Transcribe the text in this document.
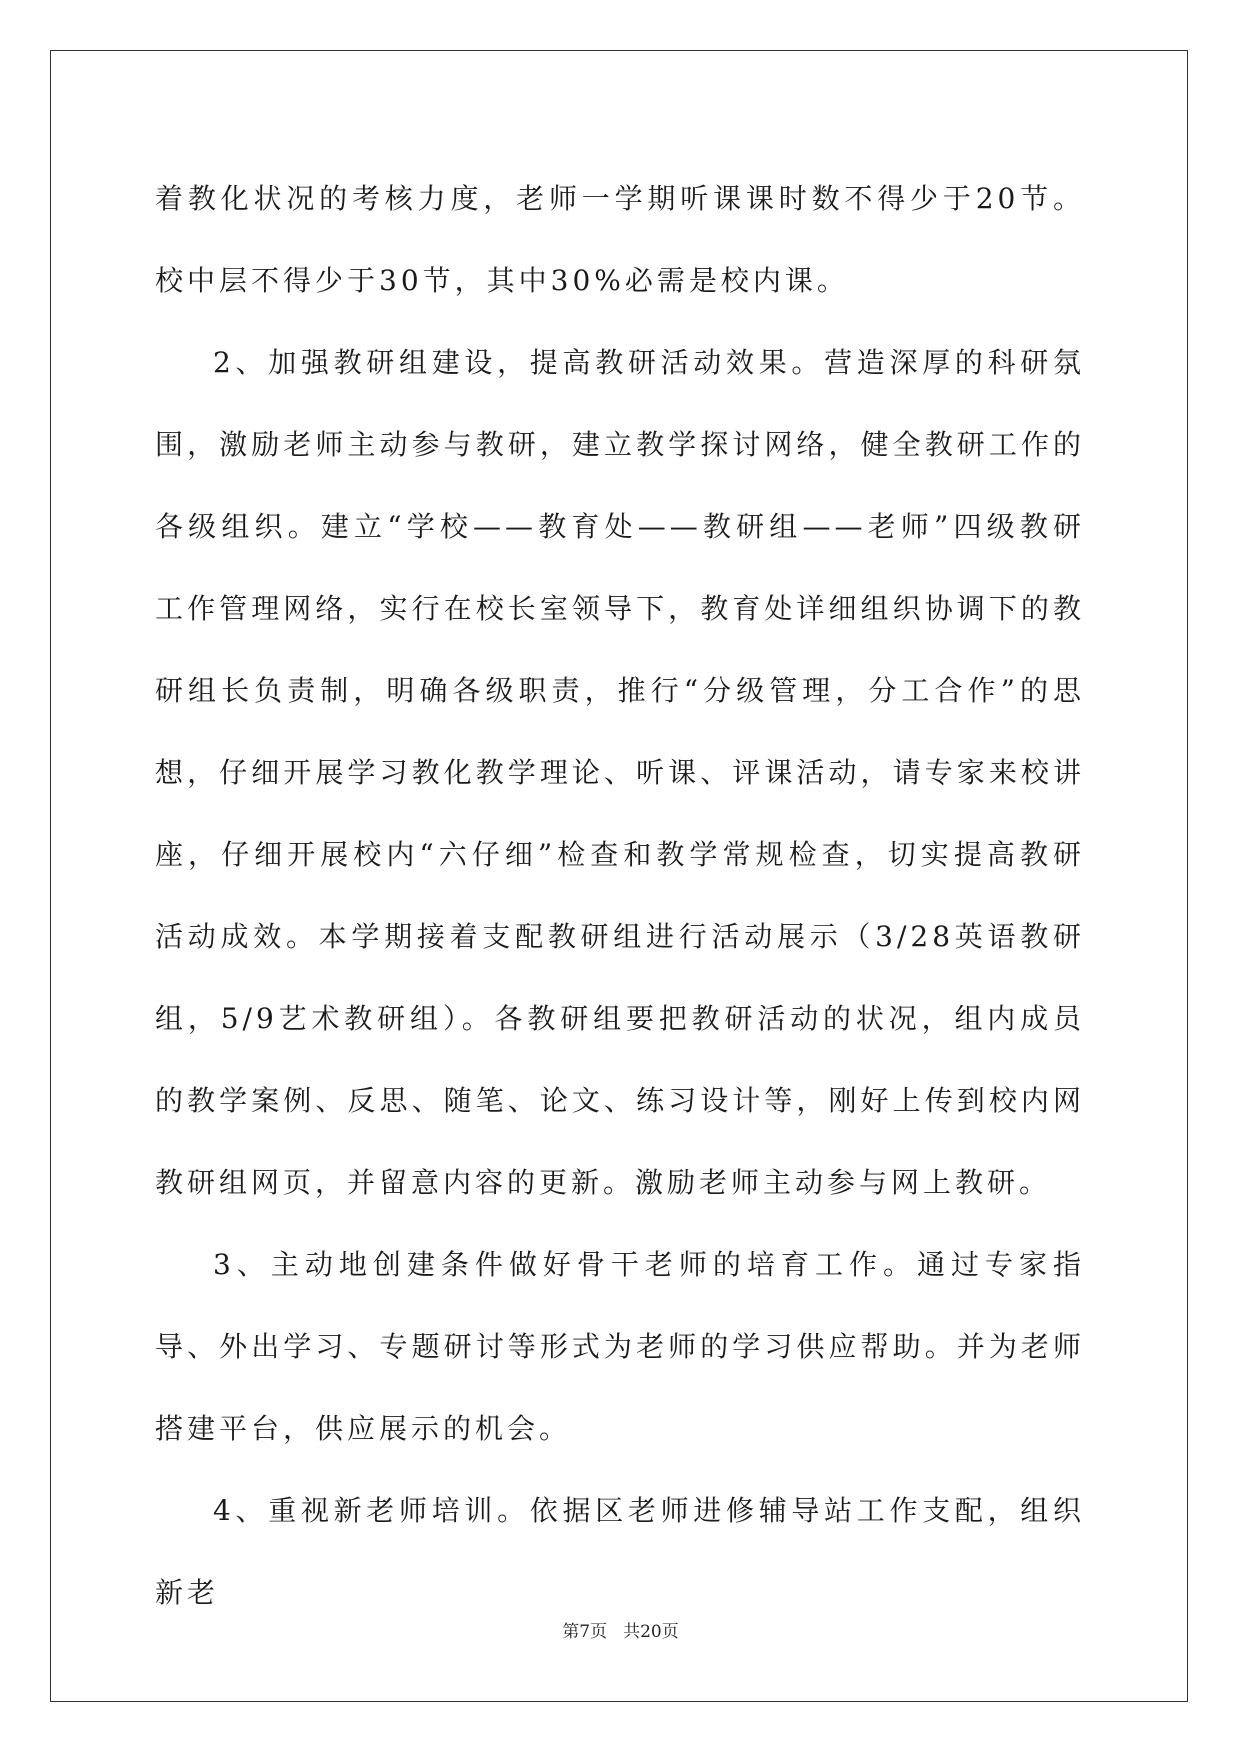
着教化状况的考核力度，老师一学期听课课时数不得少于20节。校中层不得少于30节，其中30%必需是校内课。

2、加强教研组建设，提高教研活动效果。营造深厚的科研氛围，激励老师主动参与教研，建立教学探讨网络，健全教研工作的各级组织。建立“学校——教育处——教研组——老师”四级教研工作管理网络，实行在校长室领导下，教育处详细组织协调下的教研组长负责制，明确各级职责，推行“分级管理，分工合作”的思想，仔细开展学习教化教学理论、听课、评课活动，请专家来校讲座，仔细开展校内“六仔细”检查和教学常规检查，切实提高教研活动成效。本学期接着支配教研组进行活动展示（3/28英语教研组，5/9艺术教研组）。各教研组要把教研活动的状况，组内成员的教学案例、反思、随笔、论文、练习设计等，刚好上传到校内网教研组网页，并留意内容的更新。激励老师主动参与网上教研。

3、主动地创建条件做好骨干老师的培育工作。通过专家指导、外出学习、专题研讨等形式为老师的学习供应帮助。并为老师搭建平台，供应展示的机会。

4、重视新老师培训。依据区老师进修辅导站工作支配，组织新老

第7页 共20页
